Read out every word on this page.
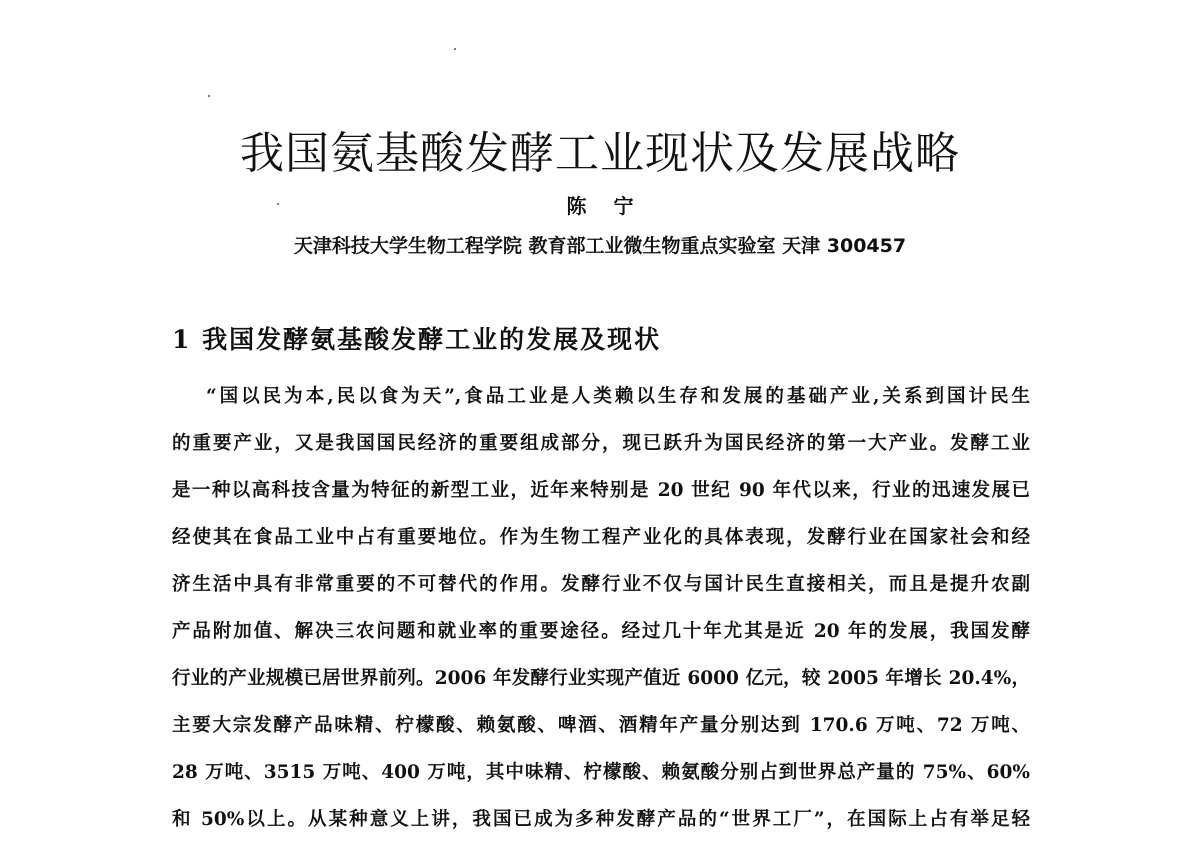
我国氨基酸发酵工业现状及发展战略
陈 宁
天津科技大学生物工程学院 教育部工业微生物重点实验室 天津 300457
1 我国发酵氨基酸发酵工业的发展及现状
“国以民为本,民以食为天”,食品工业是人类赖以生存和发展的基础产业,关系到国计民生
的重要产业，又是我国国民经济的重要组成部分，现已跃升为国民经济的第一大产业。发酵工业
是一种以高科技含量为特征的新型工业，近年来特别是 20 世纪 90 年代以来，行业的迅速发展已
经使其在食品工业中占有重要地位。作为生物工程产业化的具体表现，发酵行业在国家社会和经
济生活中具有非常重要的不可替代的作用。发酵行业不仅与国计民生直接相关，而且是提升农副
产品附加值、解决三农问题和就业率的重要途径。经过几十年尤其是近 20 年的发展，我国发酵
行业的产业规模已居世界前列。2006 年发酵行业实现产值近 6000 亿元，较 2005 年增长 20.4%，
主要大宗发酵产品味精、柠檬酸、赖氨酸、啤酒、酒精年产量分别达到 170.6 万吨、72 万吨、
28 万吨、3515 万吨、400 万吨，其中味精、柠檬酸、赖氨酸分别占到世界总产量的 75%、60%
和 50%以上。从某种意义上讲，我国已成为多种发酵产品的“世界工厂”，在国际上占有举足轻
